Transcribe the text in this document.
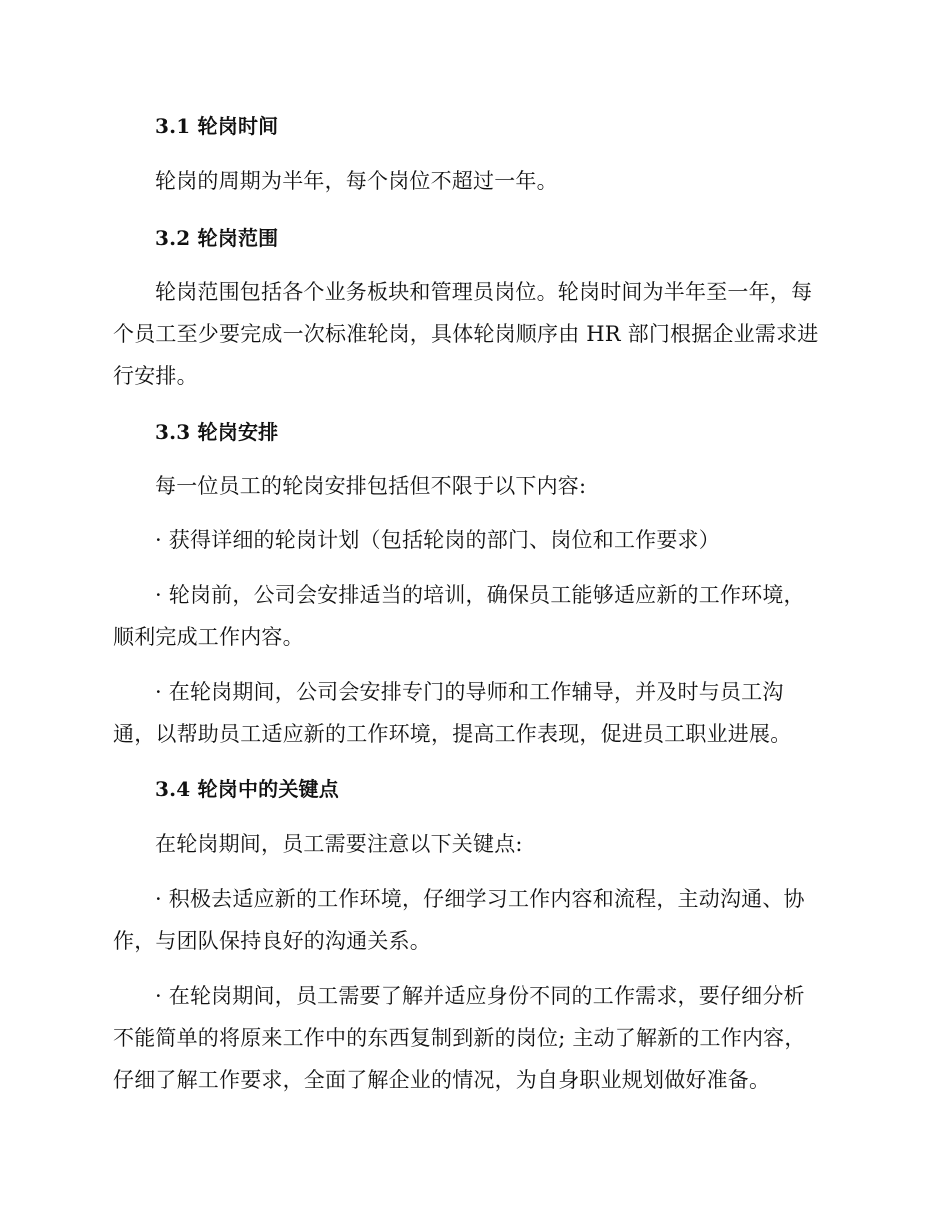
3.1 轮岗时间
轮岗的周期为半年，每个岗位不超过一年。
3.2 轮岗范围
轮岗范围包括各个业务板块和管理员岗位。轮岗时间为半年至一年，每
个员工至少要完成一次标准轮岗，具体轮岗顺序由 HR 部门根据企业需求进
行安排。
3.3 轮岗安排
每一位员工的轮岗安排包括但不限于以下内容:
· 获得详细的轮岗计划（包括轮岗的部门、岗位和工作要求）
· 轮岗前，公司会安排适当的培训，确保员工能够适应新的工作环境，
顺利完成工作内容。
· 在轮岗期间，公司会安排专门的导师和工作辅导，并及时与员工沟
通，以帮助员工适应新的工作环境，提高工作表现，促进员工职业进展。
3.4 轮岗中的关键点
在轮岗期间，员工需要注意以下关键点:
· 积极去适应新的工作环境，仔细学习工作内容和流程，主动沟通、协
作，与团队保持良好的沟通关系。
· 在轮岗期间，员工需要了解并适应身份不同的工作需求，要仔细分析
不能简单的将原来工作中的东西复制到新的岗位; 主动了解新的工作内容，
仔细了解工作要求，全面了解企业的情况，为自身职业规划做好准备。
